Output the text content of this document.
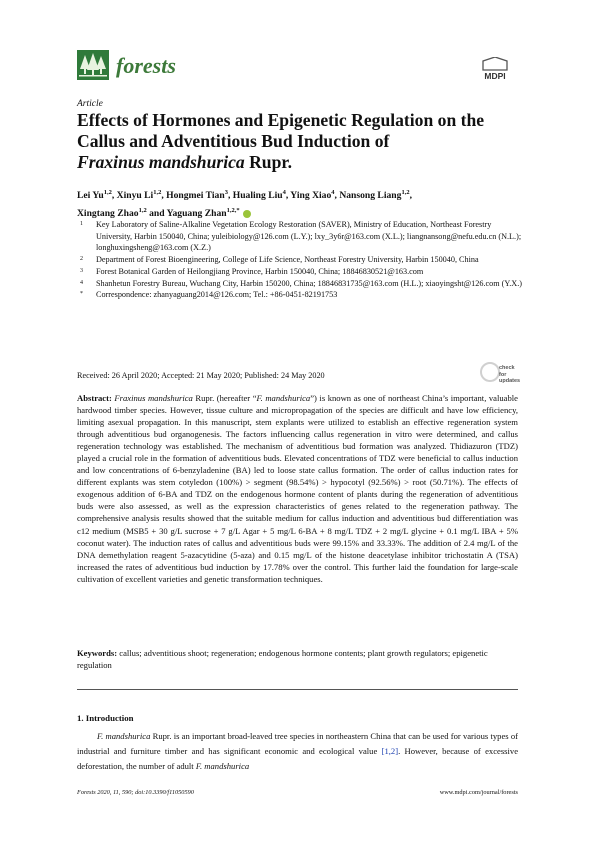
forests	MDPI
Article
Effects of Hormones and Epigenetic Regulation on the
Callus and Adventitious Bud Induction of
Fraxinus mandshurica Rupr.
Lei Yu$^{1,2}$, Xinyu Li$^{1,2}$, Hongmei Tian$^3$, Hualing Liu$^4$, Ying Xiao$^4$, Nansong Liang$^{1,2}$,
Xingtang Zhao$^{1,2}$ and Yaguang Zhan$^{1,2,*}$
1 Key Laboratory of Saline-Alkaline Vegetation Ecology Restoration (SAVER), Ministry of Education, Northeast Forestry University, Harbin 150040, China; yuleibiology@126.com (L.Y.); lxy_3y6r@163.com (X.L.); liangnansong@nefu.edu.cn (N.L.); longhuxingsheng@163.com (X.Z.)
2 Department of Forest Bioengineering, College of Life Science, Northeast Forestry University, Harbin 150040, China
3 Forest Botanical Garden of Heilongjiang Province, Harbin 150040, China; 18846830521@163.com
4 Shanhetun Forestry Bureau, Wuchang City, Harbin 150200, China; 18846831735@163.com (H.L.); xiaoyingsht@126.com (Y.X.)
* Correspondence: zhanyaguang2014@126.com; Tel.: +86-0451-82191753
Received: 26 April 2020; Accepted: 21 May 2020; Published: 24 May 2020
check for
updates
Abstract: Fraxinus mandshurica Rupr. (hereafter “F. mandshurica”) is known as one of northeast China’s important, valuable hardwood timber species. However, tissue culture and micropropagation of the species are difficult and have low efficiency, limiting asexual propagation. In this manuscript, stem explants were utilized to establish an effective regeneration system through adventitious bud organogenesis. The factors influencing callus regeneration in vitro were determined, and callus regeneration technology was established. The mechanism of adventitious bud formation was analyzed. Thidiazuron (TDZ) played a crucial role in the formation of adventitious buds. Elevated concentrations of TDZ were beneficial to callus induction and low concentrations of 6-benzyladenine (BA) led to loose state callus formation. The order of callus induction rates for different explants was stem cotyledon (100%) > segment (98.54%) > hypocotyl (92.56%) > root (50.71%). The effects of exogenous addition of 6-BA and TDZ on the endogenous hormone content of plants during the regeneration of adventitious buds were also assessed, as well as the expression characteristics of genes related to the regeneration pathway. The comprehensive analysis results showed that the suitable medium for callus induction and adventitious bud differentiation was c12 medium (MSB5 + 30 g/L sucrose + 7 g/L Agar + 5 mg/L 6-BA + 8 mg/L TDZ + 2 mg/L glycine + 0.1 mg/L IBA + 5% coconut water). The induction rates of callus and adventitious buds were 99.15% and 33.33%. The addition of 2.4 mg/L of the DNA demethylation reagent 5-azacytidine (5-aza) and 0.15 mg/L of the histone deacetylase inhibitor trichostatin A (TSA) increased the rates of adventitious bud induction by 17.78% over the control. This further laid the foundation for large-scale cultivation of excellent varieties and genetic transformation techniques.
Keywords: callus; adventitious shoot; regeneration; endogenous hormone contents; plant growth regulators; epigenetic regulation
1. Introduction
F. mandshurica Rupr. is an important broad-leaved tree species in northeastern China that can be used for various types of industrial and furniture timber and has significant economic and ecological value [1,2]. However, because of excessive deforestation, the number of adult F. mandshurica
Forests 2020, 11, 590; doi:10.3390/f11050590	www.mdpi.com/journal/forests
